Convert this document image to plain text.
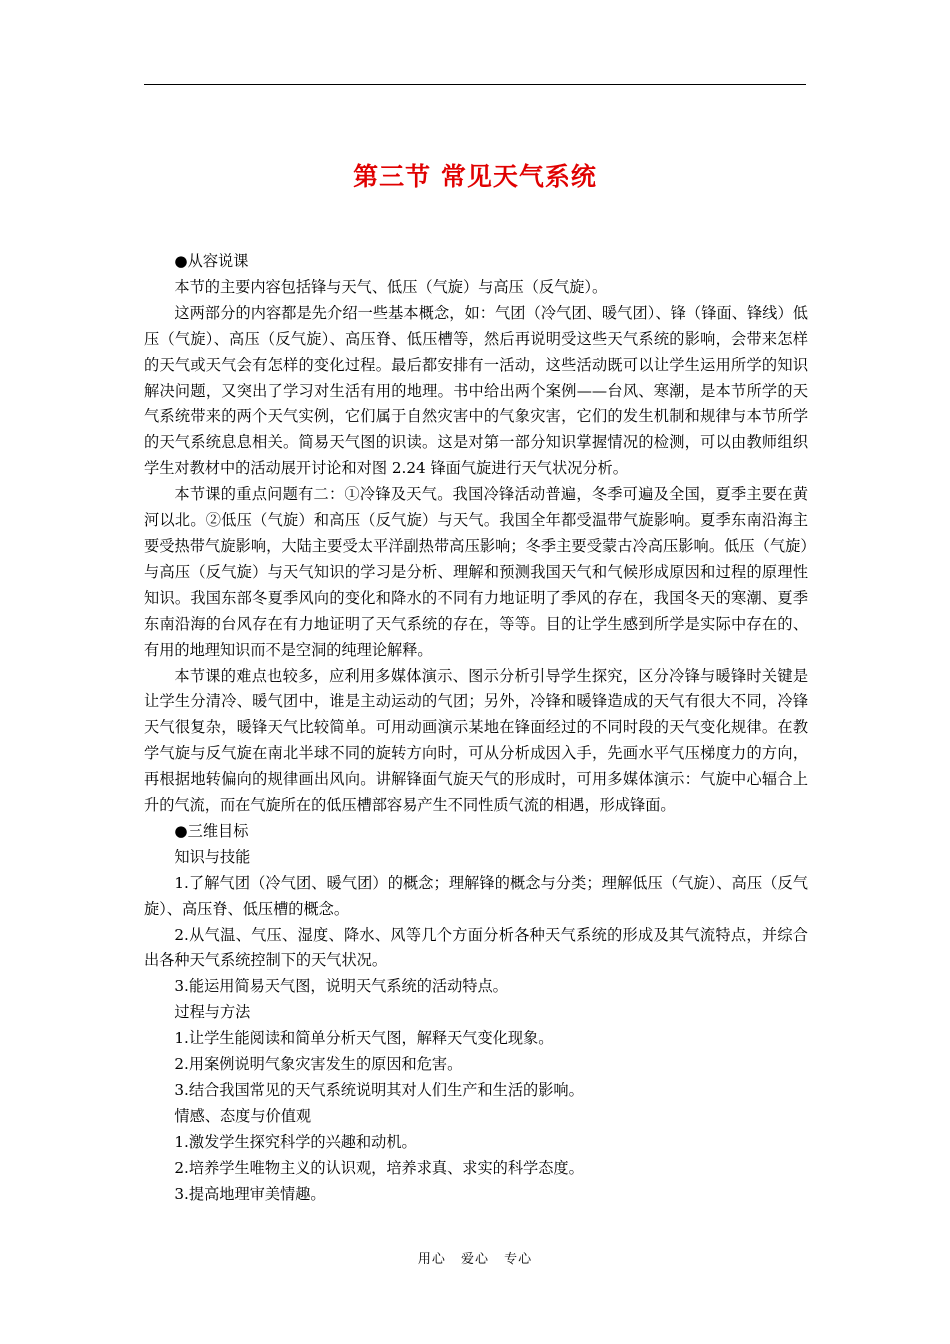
第三节 常见天气系统

●从容说课

本节的主要内容包括锋与天气、低压（气旋）与高压（反气旋）。

这两部分的内容都是先介绍一些基本概念，如：气团（冷气团、暖气团）、锋（锋面、锋线）低压（气旋）、高压（反气旋）、高压脊、低压槽等，然后再说明受这些天气系统的影响，会带来怎样的天气或天气会有怎样的变化过程。最后都安排有一活动，这些活动既可以让学生运用所学的知识解决问题，又突出了学习对生活有用的地理。书中给出两个案例——台风、寒潮，是本节所学的天气系统带来的两个天气实例，它们属于自然灾害中的气象灾害，它们的发生机制和规律与本节所学的天气系统息息相关。简易天气图的识读。这是对第一部分知识掌握情况的检测，可以由教师组织学生对教材中的活动展开讨论和对图 2.24 锋面气旋进行天气状况分析。

本节课的重点问题有二：①冷锋及天气。我国冷锋活动普遍，冬季可遍及全国，夏季主要在黄河以北。②低压（气旋）和高压（反气旋）与天气。我国全年都受温带气旋影响。夏季东南沿海主要受热带气旋影响，大陆主要受太平洋副热带高压影响；冬季主要受蒙古冷高压影响。低压（气旋）与高压（反气旋）与天气知识的学习是分析、理解和预测我国天气和气候形成原因和过程的原理性知识。我国东部冬夏季风向的变化和降水的不同有力地证明了季风的存在，我国冬天的寒潮、夏季东南沿海的台风存在有力地证明了天气系统的存在，等等。目的让学生感到所学是实际中存在的、有用的地理知识而不是空洞的纯理论解释。

本节课的难点也较多，应利用多媒体演示、图示分析引导学生探究，区分冷锋与暖锋时关键是让学生分清冷、暖气团中，谁是主动运动的气团；另外，冷锋和暖锋造成的天气有很大不同，冷锋天气很复杂，暖锋天气比较简单。可用动画演示某地在锋面经过的不同时段的天气变化规律。在教学气旋与反气旋在南北半球不同的旋转方向时，可从分析成因入手，先画水平气压梯度力的方向，再根据地转偏向的规律画出风向。讲解锋面气旋天气的形成时，可用多媒体演示：气旋中心辐合上升的气流，而在气旋所在的低压槽部容易产生不同性质气流的相遇，形成锋面。

●三维目标

知识与技能

1.了解气团（冷气团、暖气团）的概念；理解锋的概念与分类；理解低压（气旋）、高压（反气旋）、高压脊、低压槽的概念。

2.从气温、气压、湿度、降水、风等几个方面分析各种天气系统的形成及其气流特点，并综合出各种天气系统控制下的天气状况。

3.能运用简易天气图，说明天气系统的活动特点。

过程与方法

1.让学生能阅读和简单分析天气图，解释天气变化现象。

2.用案例说明气象灾害发生的原因和危害。

3.结合我国常见的天气系统说明其对人们生产和生活的影响。

情感、态度与价值观

1.激发学生探究科学的兴趣和动机。

2.培养学生唯物主义的认识观，培养求真、求实的科学态度。

3.提高地理审美情趣。

用心 爱心 专心
